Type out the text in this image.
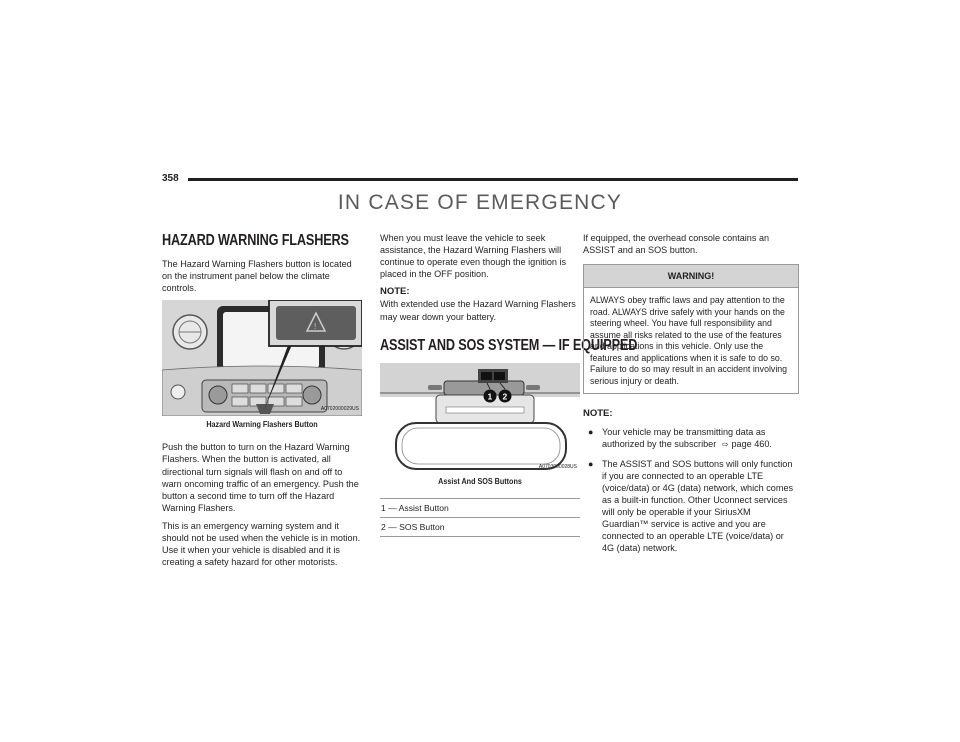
358
IN CASE OF EMERGENCY
HAZARD WARNING FLASHERS

The Hazard Warning Flashers button is located on the instrument panel below the climate controls.

!
A0702000029US
Hazard Warning Flashers Button

Push the button to turn on the Hazard Warning Flashers. When the button is activated, all directional turn signals will flash on and off to warn oncoming traffic of an emergency. Push the button a second time to turn off the Hazard Warning Flashers.

This is an emergency warning system and it should not be used when the vehicle is in motion. Use it when your vehicle is disabled and it is creating a safety hazard for other motorists.

When you must leave the vehicle to seek assistance, the Hazard Warning Flashers will continue to operate even though the ignition is placed in the OFF position.

NOTE:

With extended use the Hazard Warning Flashers may wear down your battery.

ASSIST AND SOS SYSTEM — IF EQUIPPED
1 2
A0703000028US
Assist And SOS Buttons
1 — Assist Button
2 — SOS Button

If equipped, the overhead console contains an ASSIST and an SOS button.

WARNING!
ALWAYS obey traffic laws and pay attention to the road. ALWAYS drive safely with your hands on the steering wheel. You have full responsibility and assume all risks related to the use of the features and applications in this vehicle. Only use the features and applications when it is safe to do so. Failure to do so may result in an accident involving serious injury or death.
NOTE:
● Your vehicle may be transmitting data as authorized by the subscriber ⇨ page 460.
● The ASSIST and SOS buttons will only function if you are connected to an operable LTE (voice/data) or 4G (data) network, which comes as a built-in function. Other Uconnect services will only be operable if your SiriusXM Guardian™ service is active and you are connected to an operable LTE (voice/data) or 4G (data) network.
